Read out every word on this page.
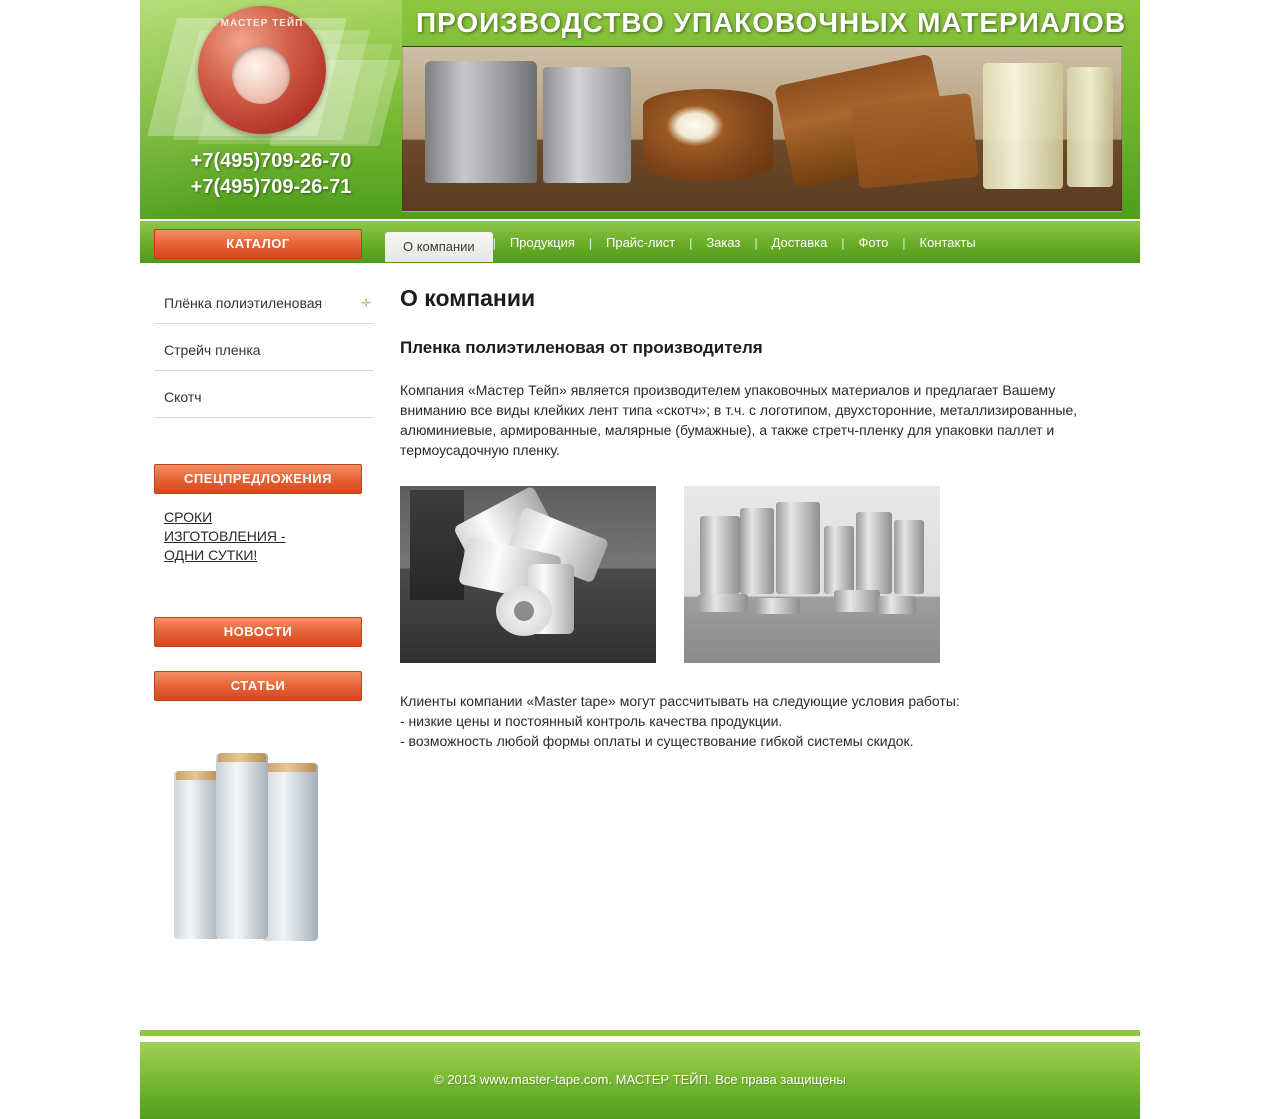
МАСТЕР ТЕЙП
+7(495)709-26-70
+7(495)709-26-71
ПРОИЗВОДСТВО УПАКОВОЧНЫХ МАТЕРИАЛОВ
КАТАЛОГ	О компании	|	Продукция	|	Прайс-лист	|	Заказ	|	Доставка	|	Фото	|	Контакты
Плёнка полиэтиленовая	✛
Стрейч пленка
Скотч
СПЕЦПРЕДЛОЖЕНИЯ
СРОКИ ИЗГОТОВЛЕНИЯ - ОДНИ СУТКИ!
НОВОСТИ
СТАТЬИ
О компании
Пленка полиэтиленовая от производителя

Компания «Мастер Тейп» является производителем упаковочных материалов и предлагает Вашему вниманию все виды клейких лент типа «скотч»; в т.ч. с логотипом, двухсторонние, металлизированные, алюминиевые, армированные, малярные (бумажные), а также стретч-пленку для упаковки паллет и термоусадочную пленку.

Клиенты компании «Master tape» могут рассчитывать на следующие условия работы:
- низкие цены и постоянный контроль качества продукции.
- возможность любой формы оплаты и существование гибкой системы скидок.
© 2013 www.master-tape.com. МАСТЕР ТЕЙП. Все права защищены
